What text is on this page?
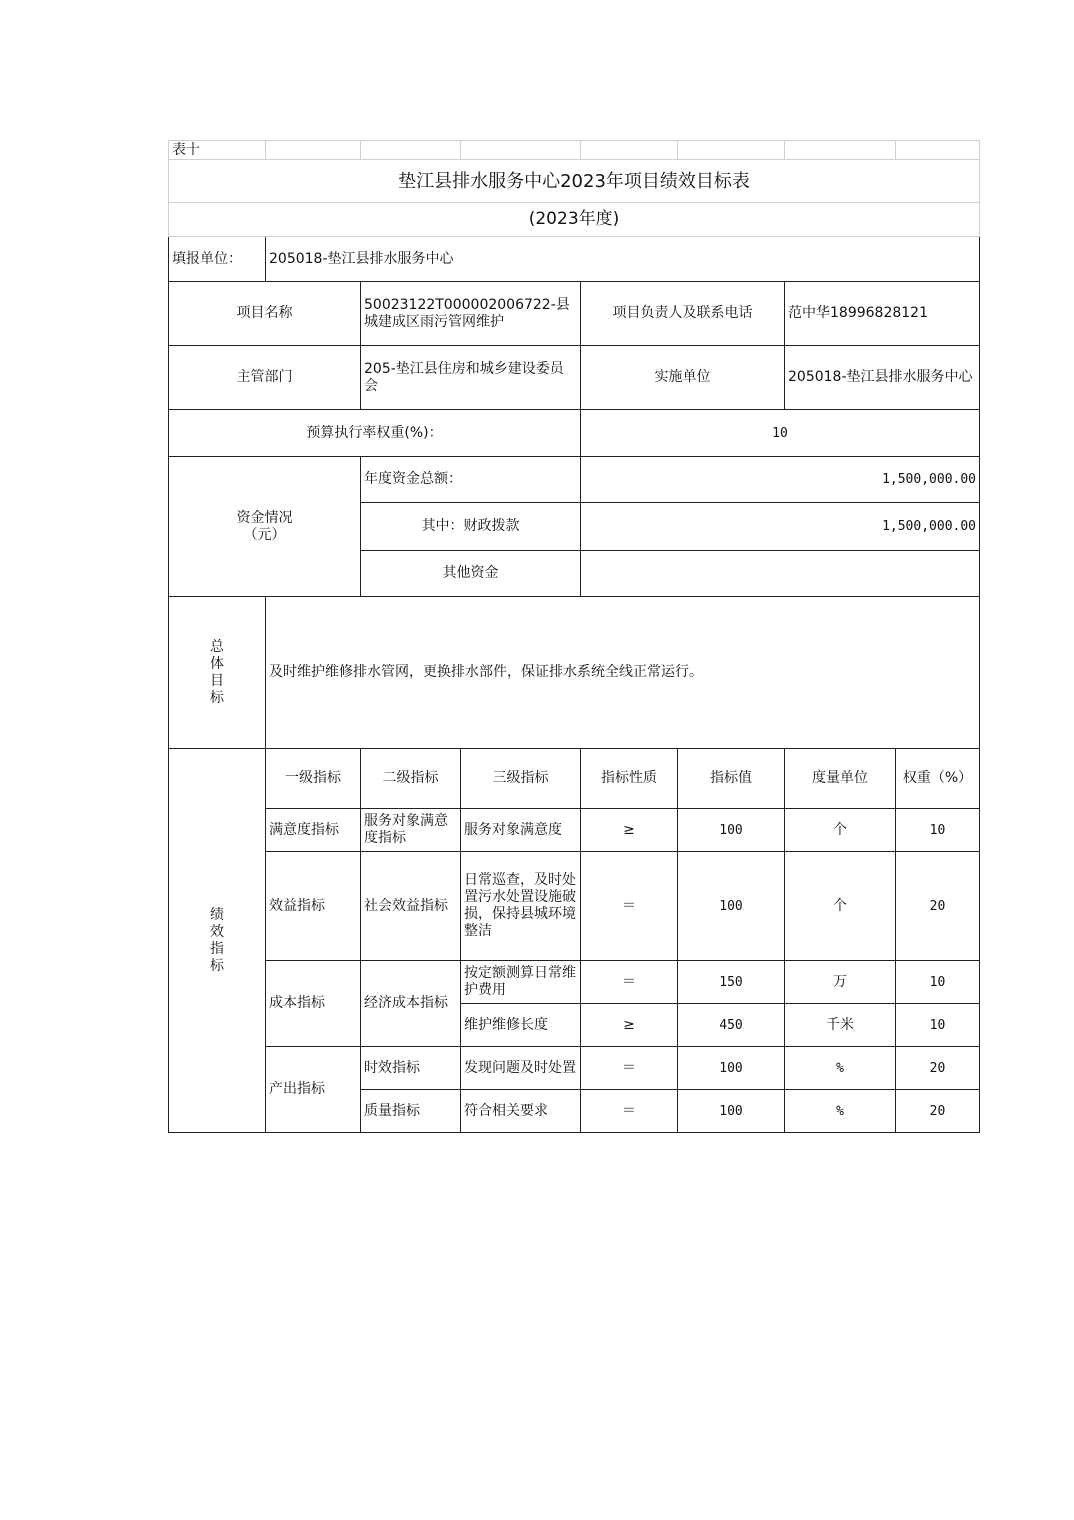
表十							
垫江县排水服务中心2023年项目绩效目标表							
(2023年度)							
填报单位：	205018-垫江县排水服务中心						
项目名称		50023122T000002006722-县城建成区雨污管网维护		项目负责人及联系电话		范中华18996828121	
主管部门		205-垫江县住房和城乡建设委员会		实施单位		205018-垫江县排水服务中心	
预算执行率权重(%)：				10			

资金情况
（元）		年度资金总额：		1,500,000.00			
		其中：财政拨款		1,500,000.00			
		其他资金					

总
体
目
标	及时维护维修排水管网，更换排水部件，保证排水系统全线正常运行。						

绩
效
指
标	一级指标	二级指标	三级指标	指标性质	指标值	度量单位	权重（%）
	满意度指标	服务对象满意度指标	服务对象满意度	≥	100	个	10
	效益指标	社会效益指标	日常巡查，及时处置污水处置设施破损，保持县城环境整洁	＝	100	个	20
	成本指标	经济成本指标	按定额测算日常维护费用	＝	150	万	10
			维护维修长度	≥	450	千米	10
	产出指标	时效指标	发现问题及时处置	＝	100	%	20
		质量指标	符合相关要求	＝	100	%	20
